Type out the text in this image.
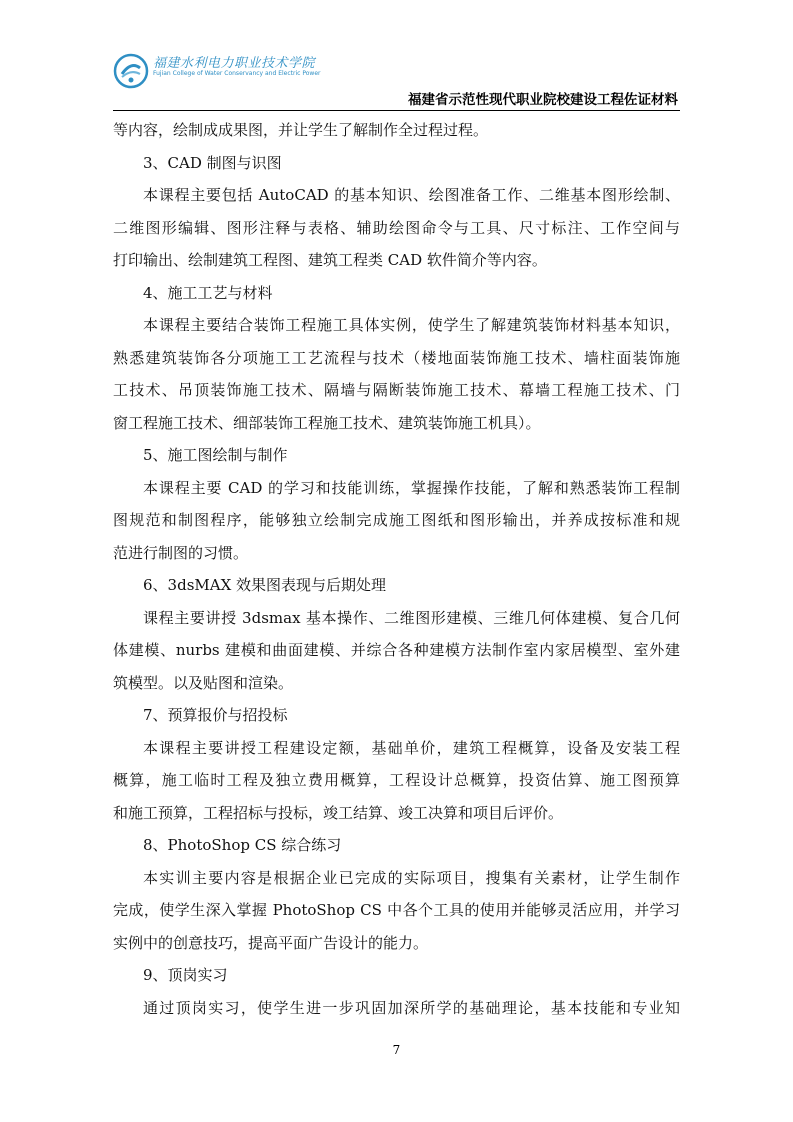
福建水利电力职业技术学院
Fujian College of Water Conservancy and Electric Power
福建省示范性现代职业院校建设工程佐证材料
等内容，绘制成成果图，并让学生了解制作全过程过程。
3、CAD 制图与识图
本课程主要包括 AutoCAD 的基本知识、绘图准备工作、二维基本图形绘制、
二维图形编辑、图形注释与表格、辅助绘图命令与工具、尺寸标注、工作空间与
打印输出、绘制建筑工程图、建筑工程类 CAD 软件简介等内容。
4、施工工艺与材料
本课程主要结合装饰工程施工具体实例，使学生了解建筑装饰材料基本知识，
熟悉建筑装饰各分项施工工艺流程与技术（楼地面装饰施工技术、墙柱面装饰施
工技术、吊顶装饰施工技术、隔墙与隔断装饰施工技术、幕墙工程施工技术、门
窗工程施工技术、细部装饰工程施工技术、建筑装饰施工机具）。
5、施工图绘制与制作
本课程主要 CAD 的学习和技能训练，掌握操作技能，了解和熟悉装饰工程制
图规范和制图程序，能够独立绘制完成施工图纸和图形输出，并养成按标准和规
范进行制图的习惯。
6、3dsMAX 效果图表现与后期处理
课程主要讲授 3dsmax 基本操作、二维图形建模、三维几何体建模、复合几何
体建模、nurbs 建模和曲面建模、并综合各种建模方法制作室内家居模型、室外建
筑模型。以及贴图和渲染。
7、预算报价与招投标
本课程主要讲授工程建设定额，基础单价，建筑工程概算，设备及安装工程
概算，施工临时工程及独立费用概算，工程设计总概算，投资估算、施工图预算
和施工预算，工程招标与投标，竣工结算、竣工决算和项目后评价。
8、PhotoShop CS 综合练习
本实训主要内容是根据企业已完成的实际项目，搜集有关素材，让学生制作
完成，使学生深入掌握 PhotoShop CS 中各个工具的使用并能够灵活应用，并学习
实例中的创意技巧，提高平面广告设计的能力。
9、顶岗实习
通过顶岗实习，使学生进一步巩固加深所学的基础理论，基本技能和专业知
7
